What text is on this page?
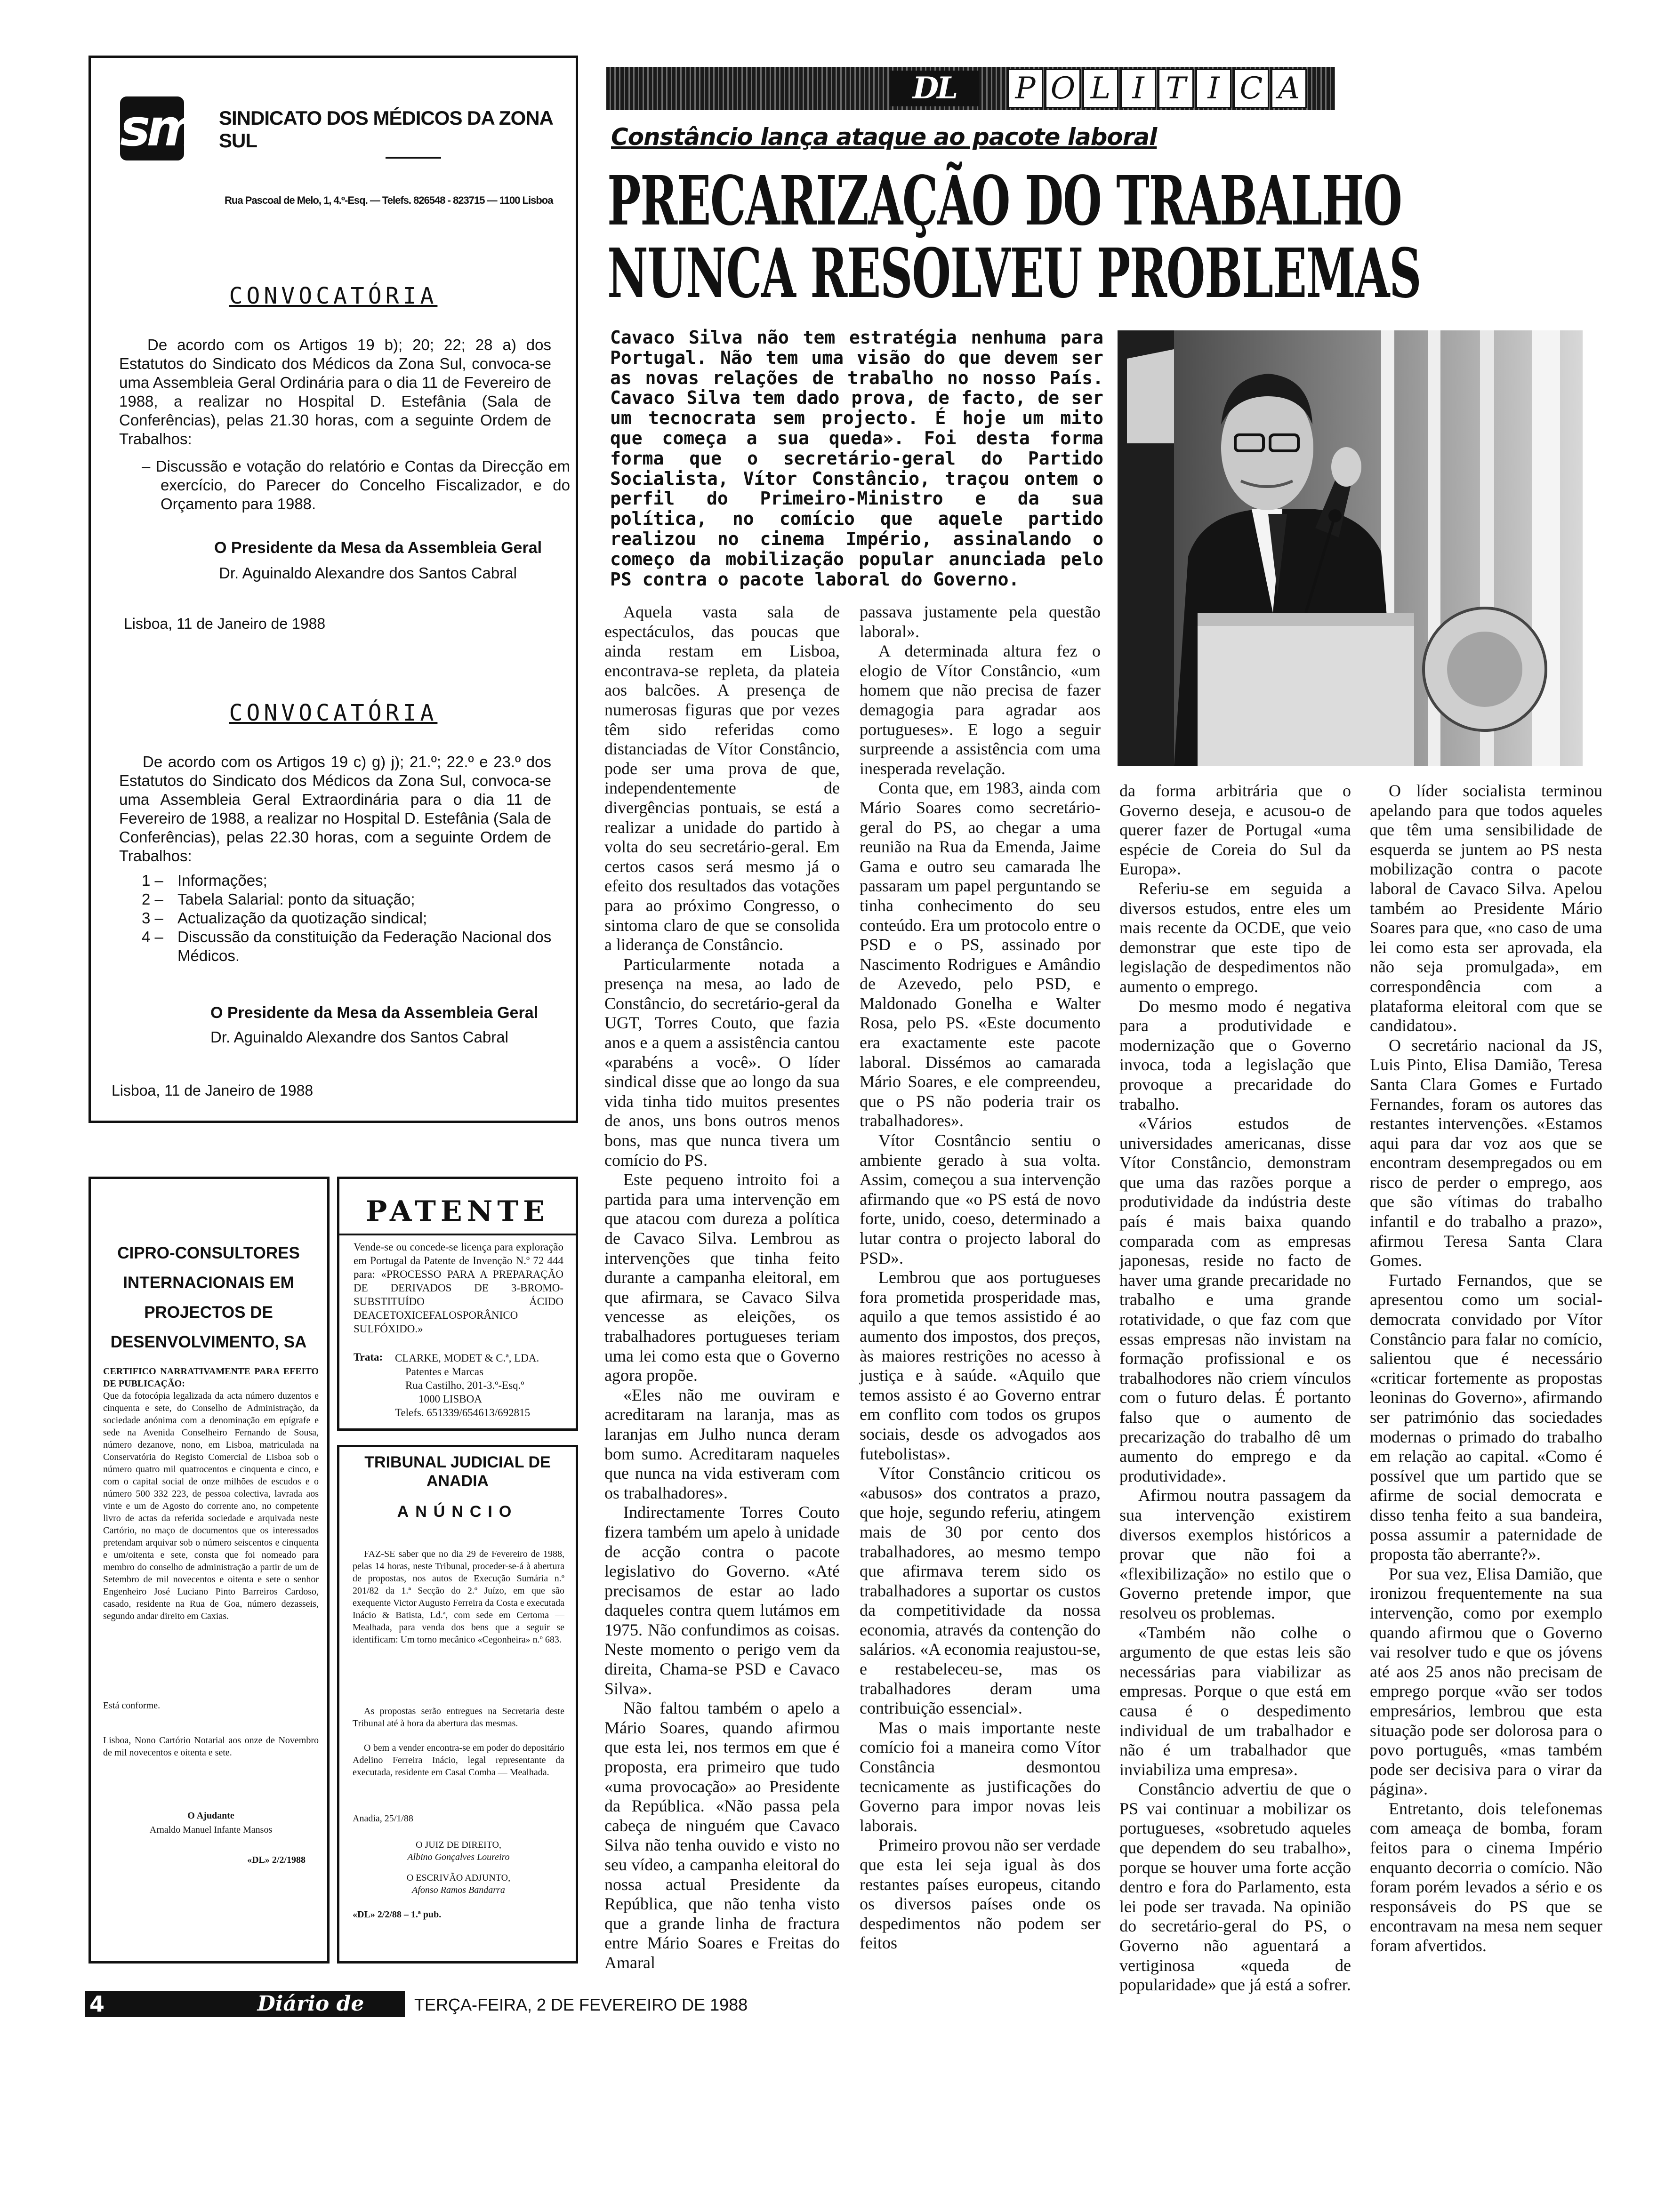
sm SINDICATO DOS MÉDICOS DA ZONA SUL
Rua Pascoal de Melo, 1, 4.º-Esq. — Telefs. 826548 - 823715 — 1100 Lisboa
CONVOCATÓRIA
De acordo com os Artigos 19 b); 20; 22; 28 a) dos Estatutos do Sindicato dos Médicos da Zona Sul, convoca-se uma Assembleia Geral Ordinária para o dia 11 de Fevereiro de 1988, a realizar no Hospital D. Estefânia (Sala de Conferências), pelas 21.30 horas, com a seguinte Ordem de Trabalhos:
– Discussão e votação do relatório e Contas da Direcção em exercício, do Parecer do Concelho Fiscalizador, e do Orçamento para 1988.
O Presidente da Mesa da Assembleia Geral
Dr. Aguinaldo Alexandre dos Santos Cabral
Lisboa, 11 de Janeiro de 1988
CONVOCATÓRIA
De acordo com os Artigos 19 c) g) j); 21.º; 22.º e 23.º dos Estatutos do Sindicato dos Médicos da Zona Sul, convoca-se uma Assembleia Geral Extraordinária para o dia 11 de Fevereiro de 1988, a realizar no Hospital D. Estefânia (Sala de Conferências), pelas 22.30 horas, com a seguinte Ordem de Trabalhos:
1 – Informações;
2 – Tabela Salarial: ponto da situação;
3 – Actualização da quotização sindical;
4 – Discussão da constituição da Federação Nacional dos Médicos.
O Presidente da Mesa da Assembleia Geral
Dr. Aguinaldo Alexandre dos Santos Cabral
Lisboa, 11 de Janeiro de 1988
CIPRO-CONSULTORES INTERNACIONAIS EM PROJECTOS DE DESENVOLVIMENTO, SA
CERTIFICO NARRATIVAMENTE PARA EFEITO DE PUBLICAÇÃO:
Que da fotocópia legalizada da acta número duzentos e cinquenta e sete, do Conselho de Administração, da sociedade anónima com a denominação em epígrafe e sede na Avenida Conselheiro Fernando de Sousa, número dezanove, nono, em Lisboa, matriculada na Conservatória do Registo Comercial de Lisboa sob o número quatro mil quatrocentos e cinquenta e cinco, e com o capital social de onze milhões de escudos e o número 500 332 223, de pessoa colectiva, lavrada aos vinte e um de Agosto do corrente ano, no competente livro de actas da referida sociedade e arquivada neste Cartório, no maço de documentos que os interessados pretendam arquivar sob o número seiscentos e cinquenta e um/oitenta e sete, consta que foi nomeado para membro do conselho de administração a partir de um de Setembro de mil novecentos e oitenta e sete o senhor Engenheiro José Luciano Pinto Barreiros Cardoso, casado, residente na Rua de Goa, número dezasseis, segundo andar direito em Caxias.
Está conforme.
Lisboa, Nono Cartório Notarial aos onze de Novembro de mil novecentos e oitenta e sete.
O Ajudante
Arnaldo Manuel Infante Mansos
«DL» 2/2/1988
PATENTE
Vende-se ou concede-se licença para exploração em Portugal da Patente de Invenção N.º 72 444 para: «PROCESSO PARA A PREPARAÇÃO DE DERIVADOS DE 3-BROMO-SUBSTITUÍDO ÁCIDO DEACETOXICEFALOSPORÂNICO SULFÓXIDO.»
Trata: CLARKE, MODET & C.ª, LDA.
Patentes e Marcas
Rua Castilho, 201-3.º-Esq.º
1000 LISBOA
Telefs. 651339/654613/692815
TRIBUNAL JUDICIAL DE ANADIA
ANÚNCIO
FAZ-SE saber que no dia 29 de Fevereiro de 1988, pelas 14 horas, neste Tribunal, proceder-se-á à abertura de propostas, nos autos de Execução Sumária n.º 201/82 da 1.ª Secção do 2.º Juízo, em que são exequente Victor Augusto Ferreira da Costa e executada Inácio & Batista, Ld.ª, com sede em Certoma — Mealhada, para venda dos bens que a seguir se identificam: Um torno mecânico «Cegonheira» n.º 683.
As propostas serão entregues na Secretaria deste Tribunal até à hora da abertura das mesmas.
O bem a vender encontra-se em poder do depositário Adelino Ferreira Inácio, legal representante da executada, residente em Casal Comba — Mealhada.
Anadia, 25/1/88
O JUIZ DE DIREITO,
Albino Gonçalves Loureiro
O ESCRIVÃO ADJUNTO,
Afonso Ramos Bandarra
«DL» 2/2/88 – 1.ª pub.
DL	P O L I T I C A
Constâncio lança ataque ao pacote laboral
PRECARIZAÇÃO DO TRABALHO
NUNCA RESOLVEU PROBLEMAS
Cavaco Silva não tem estratégia nenhuma para Portugal. Não tem uma visão do que devem ser as novas relações de trabalho no nosso País. Cavaco Silva tem dado prova, de facto, de ser um tecnocrata sem projecto. É hoje um mito que começa a sua queda». Foi desta forma forma que o secretário-geral do Partido Socialista, Vítor Constâncio, traçou ontem o perfil do Primeiro-Ministro e da sua política, no comício que aquele partido realizou no cinema Império, assinalando o começo da mobilização popular anunciada pelo PS contra o pacote laboral do Governo.

Aquela vasta sala de espectáculos, das poucas que ainda restam em Lisboa, encontrava-se repleta, da plateia aos balcões. A presença de numerosas figuras que por vezes têm sido referidas como distanciadas de Vítor Constâncio, pode ser uma prova de que, independentemente de divergências pontuais, se está a realizar a unidade do partido à volta do seu secretário-geral. Em certos casos será mesmo já o efeito dos resultados das votações para ao próximo Congresso, o sintoma claro de que se consolida a liderança de Constâncio.

Particularmente notada a presença na mesa, ao lado de Constâncio, do secretário-geral da UGT, Torres Couto, que fazia anos e a quem a assistência cantou «parabéns a você». O líder sindical disse que ao longo da sua vida tinha tido muitos presentes de anos, uns bons outros menos bons, mas que nunca tivera um comício do PS.

Este pequeno introito foi a partida para uma intervenção em que atacou com dureza a política de Cavaco Silva. Lembrou as intervenções que tinha feito durante a campanha eleitoral, em que afirmara, se Cavaco Silva vencesse as eleições, os trabalhadores portugueses teriam uma lei como esta que o Governo agora propõe.

«Eles não me ouviram e acreditaram na laranja, mas as laranjas em Julho nunca deram bom sumo. Acreditaram naqueles que nunca na vida estiveram com os trabalhadores».

Indirectamente Torres Couto fizera também um apelo à unidade de acção contra o pacote legislativo do Governo. «Até precisamos de estar ao lado daqueles contra quem lutámos em 1975. Não confundimos as coisas. Neste momento o perigo vem da direita, Chama-se PSD e Cavaco Silva».

Não faltou também o apelo a Mário Soares, quando afirmou que esta lei, nos termos em que é proposta, era primeiro que tudo «uma provocação» ao Presidente da República. «Não passa pela cabeça de ninguém que Cavaco Silva não tenha ouvido e visto no seu vídeo, a campanha eleitoral do nossa actual Presidente da República, que não tenha visto que a grande linha de fractura entre Mário Soares e Freitas do Amaral

passava justamente pela questão laboral».

A determinada altura fez o elogio de Vítor Constâncio, «um homem que não precisa de fazer demagogia para agradar aos portugueses». E logo a seguir surpreende a assistência com uma inesperada revelação.

Conta que, em 1983, ainda com Mário Soares como secretário-geral do PS, ao chegar a uma reunião na Rua da Emenda, Jaime Gama e outro seu camarada lhe passaram um papel perguntando se tinha conhecimento do seu conteúdo. Era um protocolo entre o PSD e o PS, assinado por Nascimento Rodrigues e Amândio de Azevedo, pelo PSD, e Maldonado Gonelha e Walter Rosa, pelo PS. «Este documento era exactamente este pacote laboral. Dissémos ao camarada Mário Soares, e ele compreendeu, que o PS não poderia trair os trabalhadores».

Vítor Cosntâncio sentiu o ambiente gerado à sua volta. Assim, começou a sua intervenção afirmando que «o PS está de novo forte, unido, coeso, determinado a lutar contra o projecto laboral do PSD».

Lembrou que aos portugueses fora prometida prosperidade mas, aquilo a que temos assistido é ao aumento dos impostos, dos preços, às maiores restrições no acesso à justiça e à saúde. «Aquilo que temos assisto é ao Governo entrar em conflito com todos os grupos sociais, desde os advogados aos futebolistas».

Vítor Constâncio criticou os «abusos» dos contratos a prazo, que hoje, segundo referiu, atingem mais de 30 por cento dos trabalhadores, ao mesmo tempo que afirmava terem sido os trabalhadores a suportar os custos da competitividade da nossa economia, através da contenção do salários. «A economia reajustou-se, e restabeleceu-se, mas os trabalhadores deram uma contribuição essencial».

Mas o mais importante neste comício foi a maneira como Vítor Constância desmontou tecnicamente as justificações do Governo para impor novas leis laborais.

Primeiro provou não ser verdade que esta lei seja igual às dos restantes países europeus, citando os diversos países onde os despedimentos não podem ser feitos

da forma arbitrária que o Governo deseja, e acusou-o de querer fazer de Portugal «uma espécie de Coreia do Sul da Europa».

Referiu-se em seguida a diversos estudos, entre eles um mais recente da OCDE, que veio demonstrar que este tipo de legislação de despedimentos não aumento o emprego.

Do mesmo modo é negativa para a produtividade e modernização que o Governo invoca, toda a legislação que provoque a precaridade do trabalho.

«Vários estudos de universidades americanas, disse Vítor Constâncio, demonstram que uma das razões porque a produtividade da indústria deste país é mais baixa quando comparada com as empresas japonesas, reside no facto de haver uma grande precaridade no trabalho e uma grande rotatividade, o que faz com que essas empresas não invistam na formação profissional e os trabalhodores não criem vínculos com o futuro delas. É portanto falso que o aumento de precarização do trabalho dê um aumento do emprego e da produtividade».

Afirmou noutra passagem da sua intervenção existirem diversos exemplos históricos a provar que não foi a «flexibilização» no estilo que o Governo pretende impor, que resolveu os problemas.

«Também não colhe o argumento de que estas leis são necessárias para viabilizar as empresas. Porque o que está em causa é o despedimento individual de um trabalhador e não é um trabalhador que inviabiliza uma empresa».

Constâncio advertiu de que o PS vai continuar a mobilizar os portugueses, «sobretudo aqueles que dependem do seu trabalho», porque se houver uma forte acção dentro e fora do Parlamento, esta lei pode ser travada. Na opinião do secretário-geral do PS, o Governo não aguentará a vertiginosa «queda de popularidade» que já está a sofrer.

O líder socialista terminou apelando para que todos aqueles que têm uma sensibilidade de esquerda se juntem ao PS nesta mobilização contra o pacote laboral de Cavaco Silva. Apelou também ao Presidente Mário Soares para que, «no caso de uma lei como esta ser aprovada, ela não seja promulgada», em correspondência com a plataforma eleitoral com que se candidatou».

O secretário nacional da JS, Luis Pinto, Elisa Damião, Teresa Santa Clara Gomes e Furtado Fernandes, foram os autores das restantes intervenções. «Estamos aqui para dar voz aos que se encontram desempregados ou em risco de perder o emprego, aos que são vítimas do trabalho infantil e do trabalho a prazo», afirmou Teresa Santa Clara Gomes.

Furtado Fernandos, que se apresentou como um social-democrata convidado por Vítor Constâncio para falar no comício, salientou que é necessário «criticar fortemente as propostas leoninas do Governo», afirmando ser património das sociedades modernas o primado do trabalho em relação ao capital. «Como é possível que um partido que se afirme de social democrata e disso tenha feito a sua bandeira, possa assumir a paternidade de proposta tão aberrante?».

Por sua vez, Elisa Damião, que ironizou frequentemente na sua intervenção, como por exemplo quando afirmou que o Governo vai resolver tudo e que os jóvens até aos 25 anos não precisam de emprego porque «vão ser todos empresários, lembrou que esta situação pode ser dolorosa para o povo português, «mas também pode ser decisiva para o virar da página».

Entretanto, dois telefonemas com ameaça de bomba, foram feitos para o cinema Império enquanto decorria o comício. Não foram porém levados a sério e os responsáveis do PS que se encontravam na mesa nem sequer foram afvertidos.

4	Diário de Lisboa
TERÇA-FEIRA, 2 DE FEVEREIRO DE 1988
